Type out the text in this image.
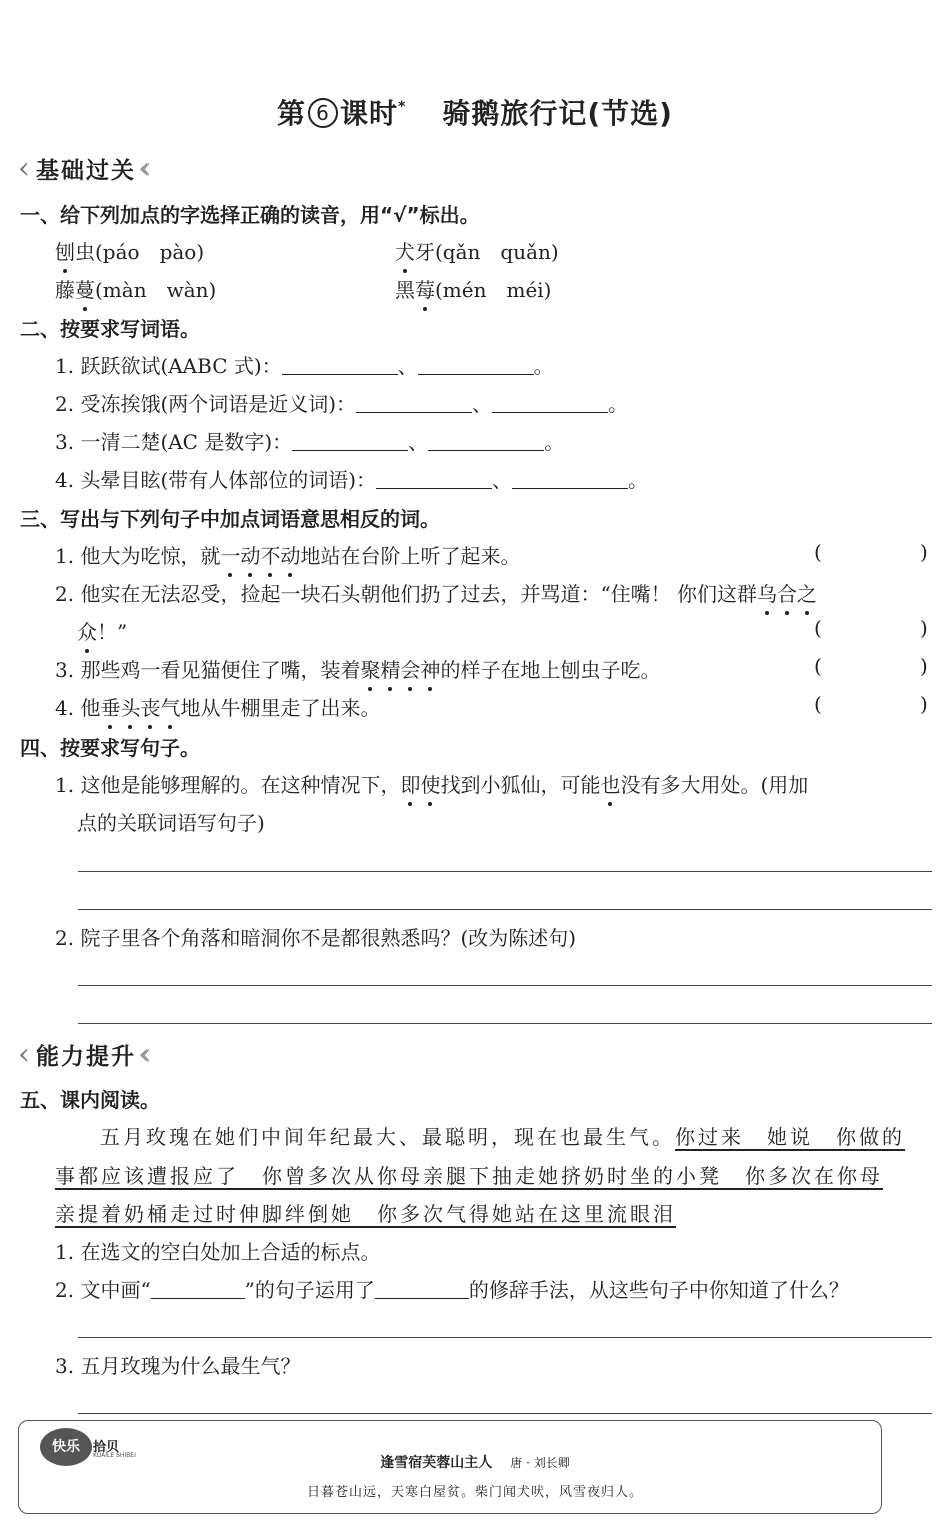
第 6 课时* 骑鹅旅行记(节选)
‹ 基础过关 ‹‹
一、给下列加点的字选择正确的读音，用“√”标出。
刨虫(páo　pào)	犬牙(qǎn　quǎn)
藤蔓(màn　wàn)	黑莓(mén　méi)
二、按要求写词语。
1. 跃跃欲试(AABC 式)：	、	。
2. 受冻挨饿(两个词语是近义词)：	、	。
3. 一清二楚(AC 是数字)：	、	。
4. 头晕目眩(带有人体部位的词语)：	、	。
三、写出与下列句子中加点词语意思相反的词。
1. 他大为吃惊，就一动不动地站在台阶上听了起来。	(	)
2. 他实在无法忍受，捡起一块石头朝他们扔了过去，并骂道：“住嘴！ 你们这群乌合之
众！”	(	)
3. 那些鸡一看见猫便住了嘴，装着聚精会神的样子在地上刨虫子吃。	(	)
4. 他垂头丧气地从牛棚里走了出来。	(	)
四、按要求写句子。
1. 这他是能够理解的。在这种情况下，即使找到小狐仙，可能也没有多大用处。(用加
点的关联词语写句子)
2. 院子里各个角落和暗洞你不是都很熟悉吗？(改为陈述句)
‹ 能力提升 ‹‹
五、课内阅读。
五月玫瑰在她们中间年纪最大、最聪明，现在也最生气。你过来　她说　你做的
事都应该遭报应了　你曾多次从你母亲腿下抽走她挤奶时坐的小凳　你多次在你母
亲提着奶桶走过时伸脚绊倒她　你多次气得她站在这里流眼泪
1. 在选文的空白处加上合适的标点。
2. 文中画“	”的句子运用了	的修辞手法，从这些句子中你知道了什么？
3. 五月玫瑰为什么最生气？
快乐	拾贝
KUAILE SHIBEI	逢雪宿芙蓉山主人 唐 · 刘长卿
日暮苍山远，天寒白屋贫。柴门闻犬吠，风雪夜归人。
